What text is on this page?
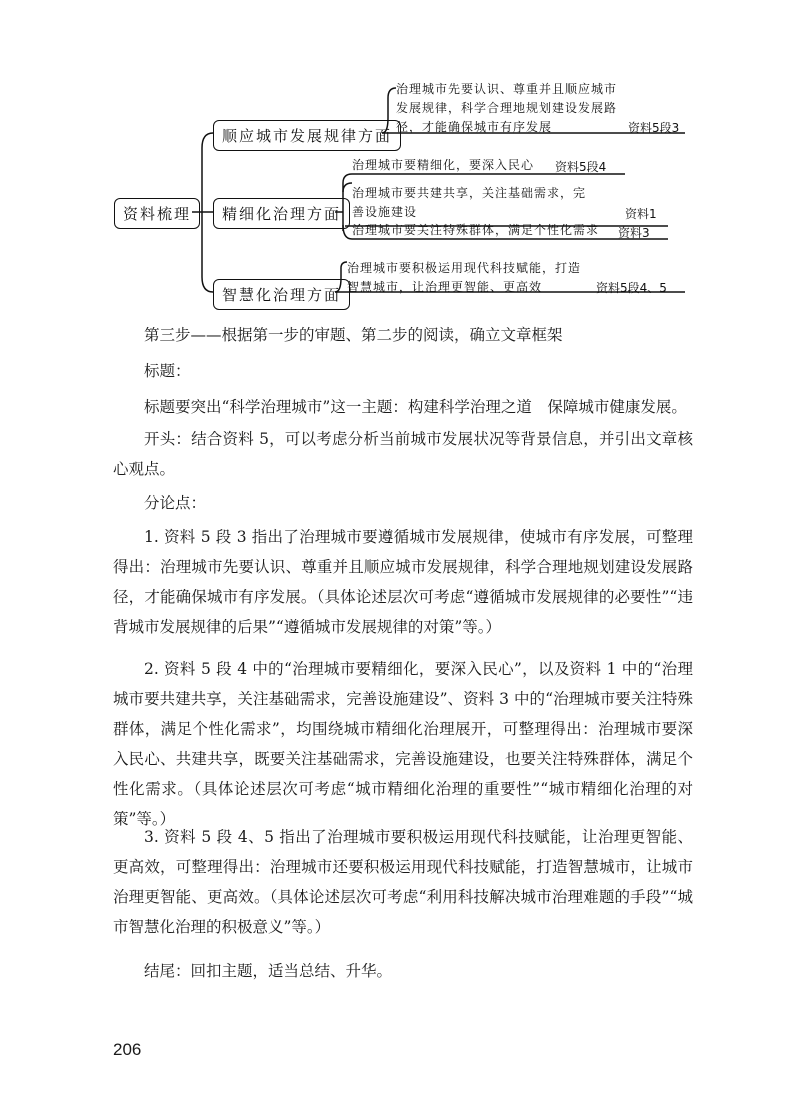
资料梳理
顺应城市发展规律方面
精细化治理方面
智慧化治理方面
治理城市先要认识、尊重并且顺应城市
发展规律，科学合理地规划建设发展路
径，才能确保城市有序发展	资料5段3
治理城市要精细化，要深入民心 资料5段4
治理城市要共建共享，关注基础需求，完
善设施建设	资料1
治理城市要关注特殊群体，满足个性化需求 资料3
治理城市要积极运用现代科技赋能，打造
智慧城市，让治理更智能、更高效	资料5段4、5

第三步——根据第一步的审题、第二步的阅读，确立文章框架

标题：

标题要突出“科学治理城市”这一主题：构建科学治理之道　保障城市健康发展。

开头：结合资料 5，可以考虑分析当前城市发展状况等背景信息，并引出文章核心观点。

分论点：

1. 资料 5 段 3 指出了治理城市要遵循城市发展规律，使城市有序发展，可整理得出：治理城市先要认识、尊重并且顺应城市发展规律，科学合理地规划建设发展路径，才能确保城市有序发展。（具体论述层次可考虑“遵循城市发展规律的必要性”“违背城市发展规律的后果”“遵循城市发展规律的对策”等。）

2. 资料 5 段 4 中的“治理城市要精细化，要深入民心”，以及资料 1 中的“治理城市要共建共享，关注基础需求，完善设施建设”、资料 3 中的“治理城市要关注特殊群体，满足个性化需求”，均围绕城市精细化治理展开，可整理得出：治理城市要深入民心、共建共享，既要关注基础需求，完善设施建设，也要关注特殊群体，满足个性化需求。（具体论述层次可考虑“城市精细化治理的重要性”“城市精细化治理的对策”等。）

3. 资料 5 段 4、5 指出了治理城市要积极运用现代科技赋能，让治理更智能、更高效，可整理得出：治理城市还要积极运用现代科技赋能，打造智慧城市，让城市治理更智能、更高效。（具体论述层次可考虑“利用科技解决城市治理难题的手段”“城市智慧化治理的积极意义”等。）

结尾：回扣主题，适当总结、升华。

206
